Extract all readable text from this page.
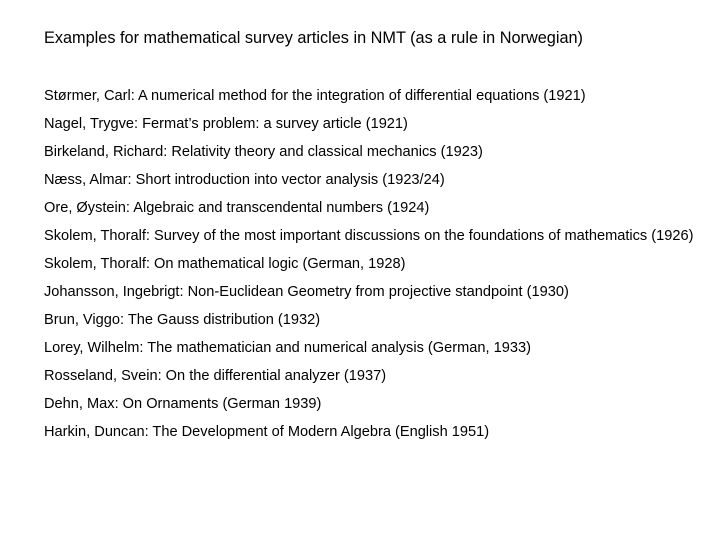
Examples for mathematical survey articles in NMT (as a rule in Norwegian)
Størmer, Carl: A numerical method for the integration of differential equations (1921)
Nagel, Trygve: Fermat’s problem: a survey article (1921)
Birkeland, Richard: Relativity theory and classical mechanics (1923)
Næss, Almar: Short introduction into vector analysis (1923/24)
Ore, Øystein: Algebraic and transcendental numbers (1924)
Skolem, Thoralf: Survey of the most important discussions on the foundations of mathematics (1926)
Skolem, Thoralf: On mathematical logic (German, 1928)
Johansson, Ingebrigt: Non-Euclidean Geometry from projective standpoint (1930)
Brun, Viggo: The Gauss distribution (1932)
Lorey, Wilhelm: The mathematician and numerical analysis (German, 1933)
Rosseland, Svein: On the differential analyzer (1937)
Dehn, Max: On Ornaments (German 1939)
Harkin, Duncan: The Development of Modern Algebra (English 1951)
